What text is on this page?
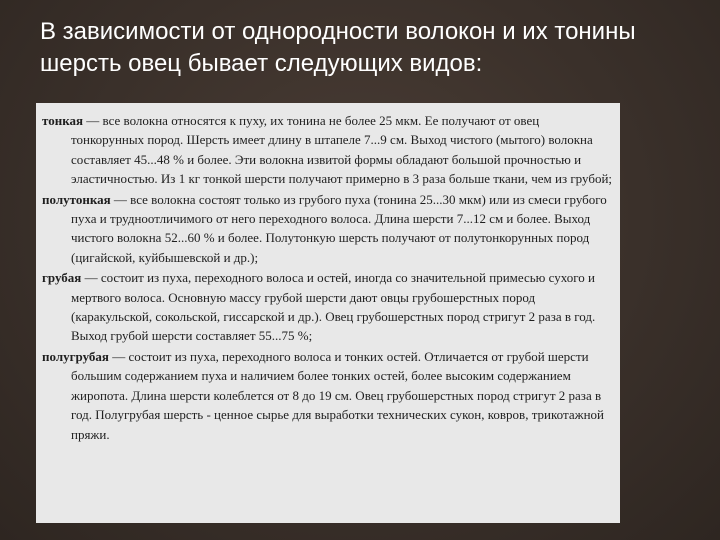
В зависимости от однородности волокон и их тонины шерсть овец бывает следующих видов:
тонкая — все волокна относятся к пуху, их тонина не более 25 мкм. Ее получают от овец тонкорунных пород. Шерсть имеет длину в штапеле 7...9 см. Выход чистого (мытого) волокна составляет 45...48 % и более. Эти волокна извитой формы обладают большой прочностью и эластичностью. Из 1 кг тонкой шерсти получают примерно в 3 раза больше ткани, чем из грубой;
полутонкая — все волокна состоят только из грубого пуха (тонина 25...30 мкм) или из смеси грубого пуха и трудноотличимого от него переходного волоса. Длина шерсти 7...12 см и более. Выход чистого волокна 52...60 % и более. Полутонкую шерсть получают от полутонкорунных пород (цигайской, куйбышевской и др.);
грубая — состоит из пуха, переходного волоса и остей, иногда со значительной примесью сухого и мертвого волоса. Основную массу грубой шерсти дают овцы грубошерстных пород (каракульской, сокольской, гиссарской и др.). Овец грубошерстных пород стригут 2 раза в год. Выход грубой шерсти составляет 55...75 %;
полугрубая — состоит из пуха, переходного волоса и тонких остей. Отличается от грубой шерсти большим содержанием пуха и наличием более тонких остей, более высоким содержанием жиропота. Длина шерсти колеблется от 8 до 19 см. Овец грубошерстных пород стригут 2 раза в год. Полугрубая шерсть - ценное сырье для выработки технических сукон, ковров, трикотажной пряжи.
